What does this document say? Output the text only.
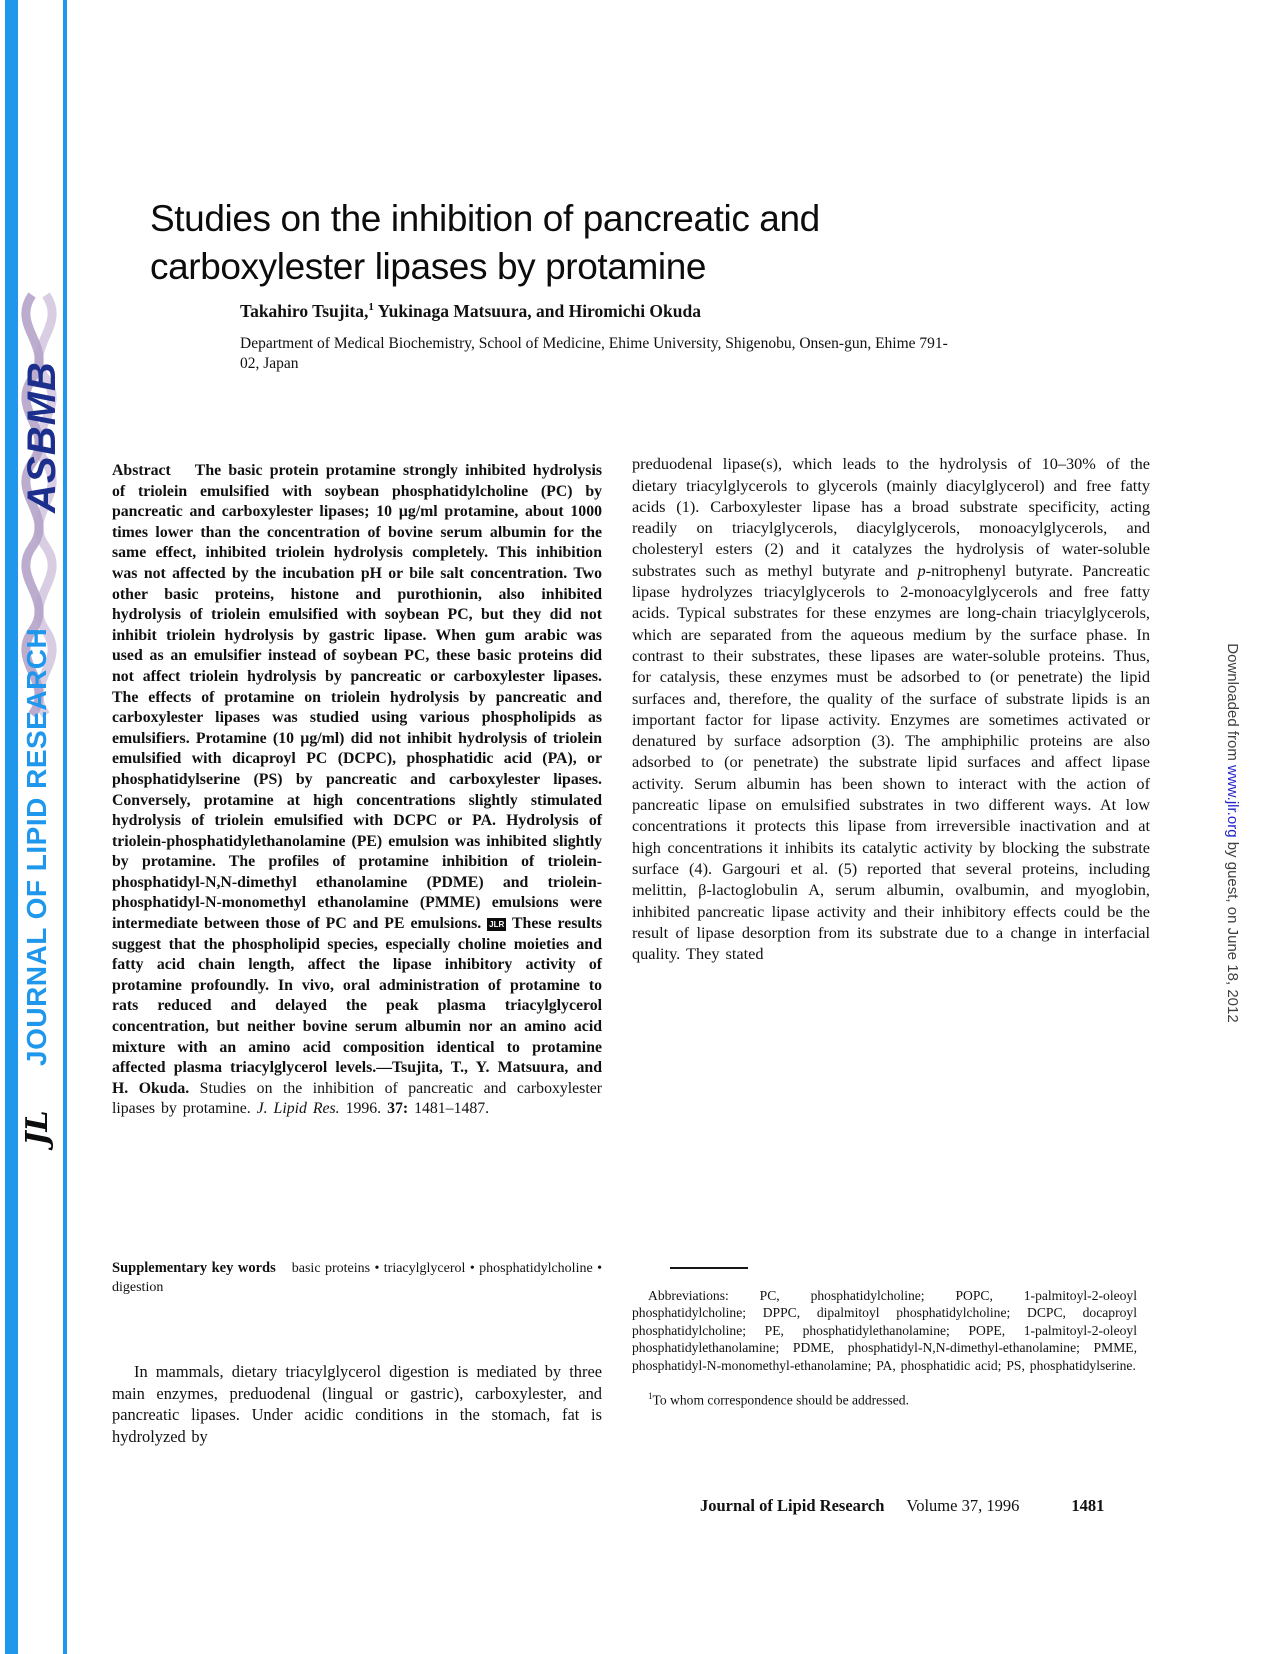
ASBMB
JOURNAL OF LIPID RESEARCH
JL
Downloaded from www.jlr.org by guest, on June 18, 2012
Studies on the inhibition of pancreatic and carboxylester lipases by protamine
Takahiro Tsujita,$^1$ Yukinaga Matsuura, and Hiromichi Okuda
Department of Medical Biochemistry, School of Medicine, Ehime University, Shigenobu, Onsen-gun, Ehime 791-02, Japan

Abstract The basic protein protamine strongly inhibited hydrolysis of triolein emulsified with soybean phosphatidylcholine (PC) by pancreatic and carboxylester lipases; 10 µg/ml protamine, about 1000 times lower than the concentration of bovine serum albumin for the same effect, inhibited triolein hydrolysis completely. This inhibition was not affected by the incubation pH or bile salt concentration. Two other basic proteins, histone and purothionin, also inhibited hydrolysis of triolein emulsified with soybean PC, but they did not inhibit triolein hydrolysis by gastric lipase. When gum arabic was used as an emulsifier instead of soybean PC, these basic proteins did not affect triolein hydrolysis by pancreatic or carboxylester lipases. The effects of protamine on triolein hydrolysis by pancreatic and carboxylester lipases was studied using various phospholipids as emulsifiers. Protamine (10 µg/ml) did not inhibit hydrolysis of triolein emulsified with dicaproyl PC (DCPC), phosphatidic acid (PA), or phosphatidylserine (PS) by pancreatic and carboxylester lipases. Conversely, protamine at high concentrations slightly stimulated hydrolysis of triolein emulsified with DCPC or PA. Hydrolysis of triolein-phosphatidylethanolamine (PE) emulsion was inhibited slightly by protamine. The profiles of protamine inhibition of triolein-phosphatidyl-N,N-dimethyl ethanolamine (PDME) and triolein-phosphatidyl-N-monomethyl ethanolamine (PMME) emulsions were intermediate between those of PC and PE emulsions. JLR These results suggest that the phospholipid species, especially choline moieties and fatty acid chain length, affect the lipase inhibitory activity of protamine profoundly. In vivo, oral administration of protamine to rats reduced and delayed the peak plasma triacylglycerol concentration, but neither bovine serum albumin nor an amino acid mixture with an amino acid composition identical to protamine affected plasma triacylglycerol levels.—Tsujita, T., Y. Matsuura, and H. Okuda. Studies on the inhibition of pancreatic and carboxylester lipases by protamine. J. Lipid Res. 1996. 37: 1481–1487.

Supplementary key words basic proteins • triacylglycerol • phosphatidylcholine • digestion

In mammals, dietary triacylglycerol digestion is mediated by three main enzymes, preduodenal (lingual or gastric), carboxylester, and pancreatic lipases. Under acidic conditions in the stomach, fat is hydrolyzed by

preduodenal lipase(s), which leads to the hydrolysis of 10–30% of the dietary triacylglycerols to glycerols (mainly diacylglycerol) and free fatty acids (1). Carboxylester lipase has a broad substrate specificity, acting readily on triacylglycerols, diacylglycerols, monoacylglycerols, and cholesteryl esters (2) and it catalyzes the hydrolysis of water-soluble substrates such as methyl butyrate and p-nitrophenyl butyrate. Pancreatic lipase hydrolyzes triacylglycerols to 2-monoacylglycerols and free fatty acids. Typical substrates for these enzymes are long-chain triacylglycerols, which are separated from the aqueous medium by the surface phase. In contrast to their substrates, these lipases are water-soluble proteins. Thus, for catalysis, these enzymes must be adsorbed to (or penetrate) the lipid surfaces and, therefore, the quality of the surface of substrate lipids is an important factor for lipase activity. Enzymes are sometimes activated or denatured by surface adsorption (3). The amphiphilic proteins are also adsorbed to (or penetrate) the substrate lipid surfaces and affect lipase activity. Serum albumin has been shown to interact with the action of pancreatic lipase on emulsified substrates in two different ways. At low concentrations it protects this lipase from irreversible inactivation and at high concentrations it inhibits its catalytic activity by blocking the substrate surface (4). Gargouri et al. (5) reported that several proteins, including melittin, β-lactoglobulin A, serum albumin, ovalbumin, and myoglobin, inhibited pancreatic lipase activity and their inhibitory effects could be the result of lipase desorption from its substrate due to a change in interfacial quality. They stated

Abbreviations: PC, phosphatidylcholine; POPC, 1-palmitoyl-2-oleoyl phosphatidylcholine; DPPC, dipalmitoyl phosphatidylcholine; DCPC, docaproyl phosphatidylcholine; PE, phosphatidylethanolamine; POPE, 1-palmitoyl-2-oleoyl phosphatidylethanolamine; PDME, phosphatidyl-N,N-dimethyl-ethanolamine; PMME, phosphatidyl-N-monomethyl-ethanolamine; PA, phosphatidic acid; PS, phosphatidylserine.

$^1$To whom correspondence should be addressed.

Journal of Lipid Research Volume 37, 1996	1481
